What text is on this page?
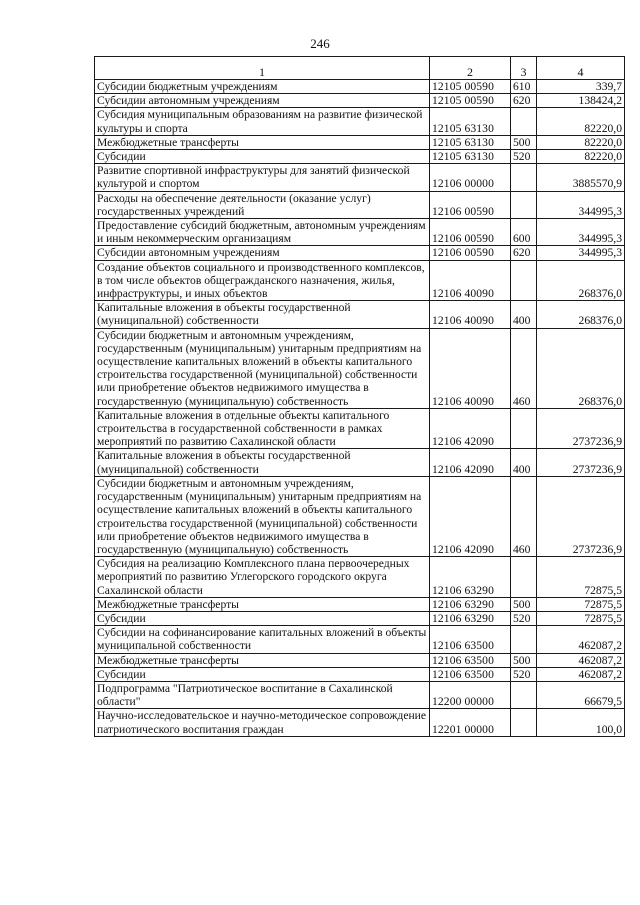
246
1	2	3	4
Субсидии бюджетным учреждениям	12105 00590	610	339,7
Субсидии автономным учреждениям	12105 00590	620	138424,2
Субсидия муниципальным образованиям на развитие физической культуры и спорта	12105 63130		82220,0
Межбюджетные трансферты	12105 63130	500	82220,0
Субсидии	12105 63130	520	82220,0
Развитие спортивной инфраструктуры для занятий физической культурой и спортом	12106 00000		3885570,9
Расходы на обеспечение деятельности (оказание услуг) государственных учреждений	12106 00590		344995,3
Предоставление субсидий бюджетным, автономным учреждениям и иным некоммерческим организациям	12106 00590	600	344995,3
Субсидии автономным учреждениям	12106 00590	620	344995,3
Создание объектов социального и производственного комплексов, в том числе объектов общегражданского назначения, жилья, инфраструктуры, и иных объектов	12106 40090		268376,0
Капитальные вложения в объекты государственной (муниципальной) собственности	12106 40090	400	268376,0
Субсидии бюджетным и автономным учреждениям, государственным (муниципальным) унитарным предприятиям на осуществление капитальных вложений в объекты капитального строительства государственной (муниципальной) собственности или приобретение объектов недвижимого имущества в государственную (муниципальную) собственность	12106 40090	460	268376,0
Капитальные вложения в отдельные объекты капитального строительства в государственной собственности в рамках мероприятий по развитию Сахалинской области	12106 42090		2737236,9
Капитальные вложения в объекты государственной (муниципальной) собственности	12106 42090	400	2737236,9
Субсидии бюджетным и автономным учреждениям, государственным (муниципальным) унитарным предприятиям на осуществление капитальных вложений в объекты капитального строительства государственной (муниципальной) собственности или приобретение объектов недвижимого имущества в государственную (муниципальную) собственность	12106 42090	460	2737236,9
Субсидия на реализацию Комплексного плана первоочередных мероприятий по развитию Углегорского городского округа Сахалинской области	12106 63290		72875,5
Межбюджетные трансферты	12106 63290	500	72875,5
Субсидии	12106 63290	520	72875,5
Субсидии на софинансирование капитальных вложений в объекты муниципальной собственности	12106 63500		462087,2
Межбюджетные трансферты	12106 63500	500	462087,2
Субсидии	12106 63500	520	462087,2
Подпрограмма "Патриотическое воспитание в Сахалинской области"	12200 00000		66679,5
Научно-исследовательское и научно-методическое сопровождение патриотического воспитания граждан	12201 00000		100,0
